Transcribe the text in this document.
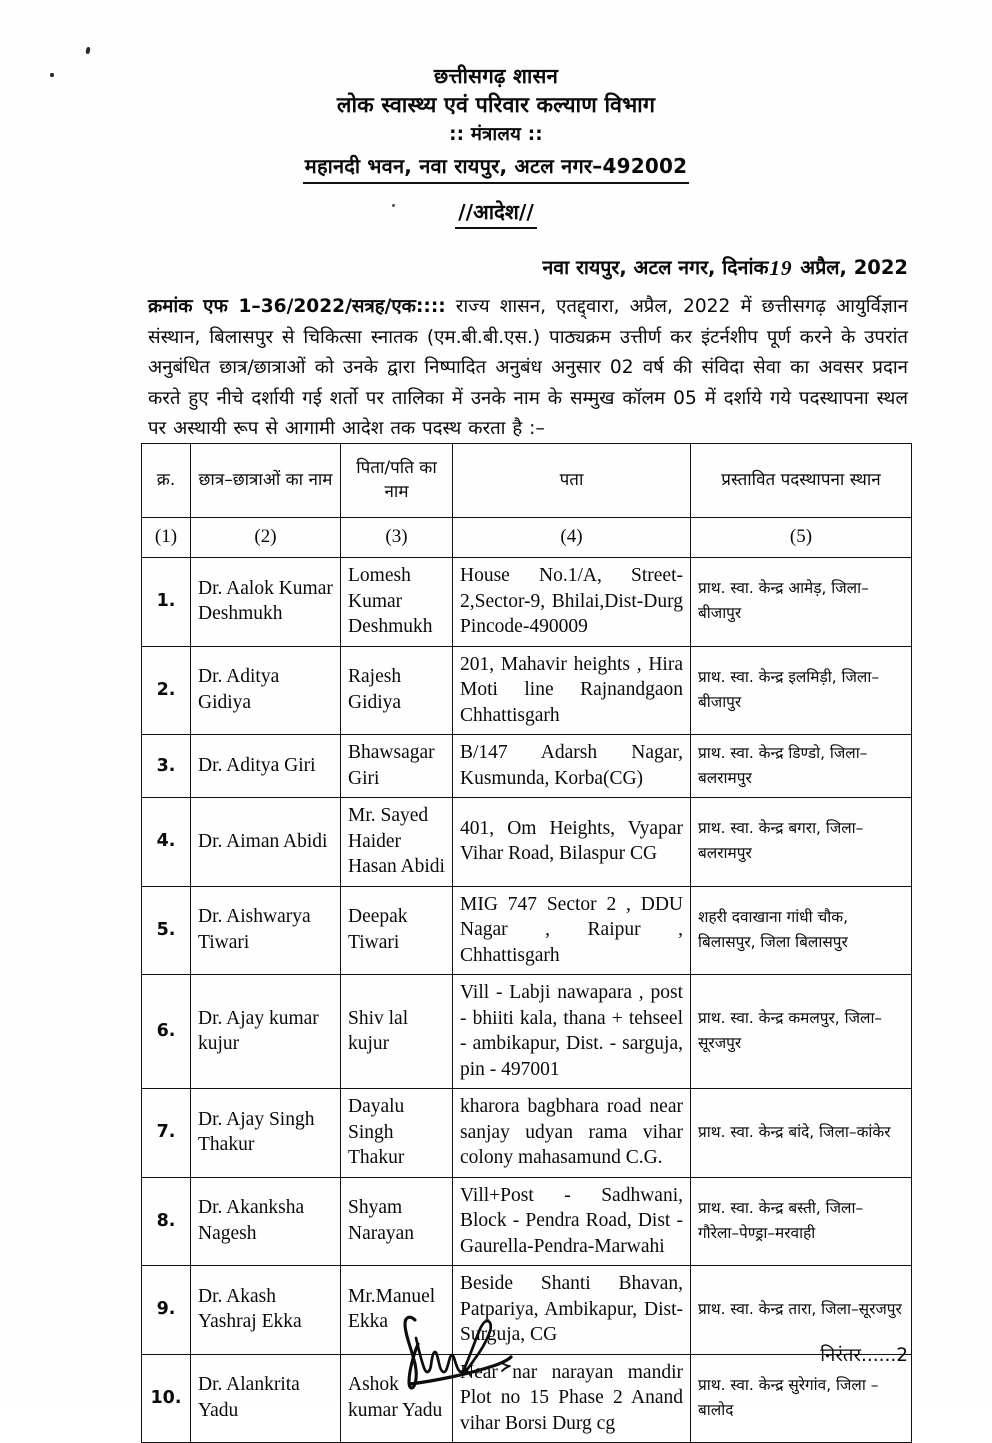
छत्तीसगढ़ शासन
लोक स्वास्थ्य एवं परिवार कल्याण विभाग
:: मंत्रालय ::
महानदी भवन, नवा रायपुर, अटल नगर–492002
//आदेश//
नवा रायपुर, अटल नगर, दिनांक19 अप्रैल, 2022
क्रमांक एफ 1–36/2022/सत्रह/एक:::: राज्य शासन, एतद्द्वारा, अप्रैल, 2022 में छत्तीसगढ़ आयुर्विज्ञान संस्थान, बिलासपुर से चिकित्सा स्नातक (एम.बी.बी.एस.) पाठ्यक्रम उत्तीर्ण कर इंटर्नशीप पूर्ण करने के उपरांत अनुबंधित छात्र/छात्राओं को उनके द्वारा निष्पादित अनुबंध अनुसार 02 वर्ष की संविदा सेवा का अवसर प्रदान करते हुए नीचे दर्शायी गई शर्तो पर तालिका में उनके नाम के सम्मुख कॉलम 05 में दर्शाये गये पदस्थापना स्थल पर अस्थायी रूप से आगामी आदेश तक पदस्थ करता है :–
क्र.	छात्र–छात्राओं का नाम	पिता/पति का नाम	पता	प्रस्तावित पदस्थापना स्थान
(1)	(2)	(3)	(4)	(5)
1.	Dr. Aalok Kumar Deshmukh	Lomesh Kumar Deshmukh	House No.1/A, Street-2,Sector-9, Bhilai,Dist-Durg Pincode-490009	प्राथ. स्वा. केन्द्र आमेड़, जिला–बीजापुर
2.	Dr. Aditya Gidiya	Rajesh Gidiya	201, Mahavir heights , Hira Moti line Rajnandgaon Chhattisgarh	प्राथ. स्वा. केन्द्र इलमिड़ी, जिला–बीजापुर
3.	Dr. Aditya Giri	Bhawsagar Giri	B/147 Adarsh Nagar, Kusmunda, Korba(CG)	प्राथ. स्वा. केन्द्र डिण्डो, जिला–बलरामपुर
4.	Dr. Aiman Abidi	Mr. Sayed Haider Hasan Abidi	401, Om Heights, Vyapar Vihar Road, Bilaspur CG	प्राथ. स्वा. केन्द्र बगरा, जिला–बलरामपुर
5.	Dr. Aishwarya Tiwari	Deepak Tiwari	MIG 747 Sector 2 , DDU Nagar , Raipur , Chhattisgarh	शहरी दवाखाना गांधी चौक, बिलासपुर, जिला बिलासपुर
6.	Dr. Ajay kumar kujur	Shiv lal kujur	Vill - Labji nawapara , post - bhiiti kala, thana + tehseel - ambikapur, Dist. - sarguja, pin - 497001	प्राथ. स्वा. केन्द्र कमलपुर, जिला–सूरजपुर
7.	Dr. Ajay Singh Thakur	Dayalu Singh Thakur	kharora bagbhara road near sanjay udyan rama vihar colony mahasamund C.G.	प्राथ. स्वा. केन्द्र बांदे, जिला–कांकेर
8.	Dr. Akanksha Nagesh	Shyam Narayan	Vill+Post - Sadhwani, Block - Pendra Road, Dist - Gaurella-Pendra-Marwahi	प्राथ. स्वा. केन्द्र बस्ती, जिला–गौरेला–पेण्ड्रा–मरवाही
9.	Dr. Akash Yashraj Ekka	Mr.Manuel Ekka	Beside Shanti Bhavan, Patpariya, Ambikapur, Dist-Surguja, CG	प्राथ. स्वा. केन्द्र तारा, जिला–सूरजपुर
10.	Dr. Alankrita Yadu	Ashok kumar Yadu	Near nar narayan mandir Plot no 15 Phase 2 Anand vihar Borsi Durg cg	प्राथ. स्वा. केन्द्र सुरेगांव, जिला – बालोद
निरंतर......2
